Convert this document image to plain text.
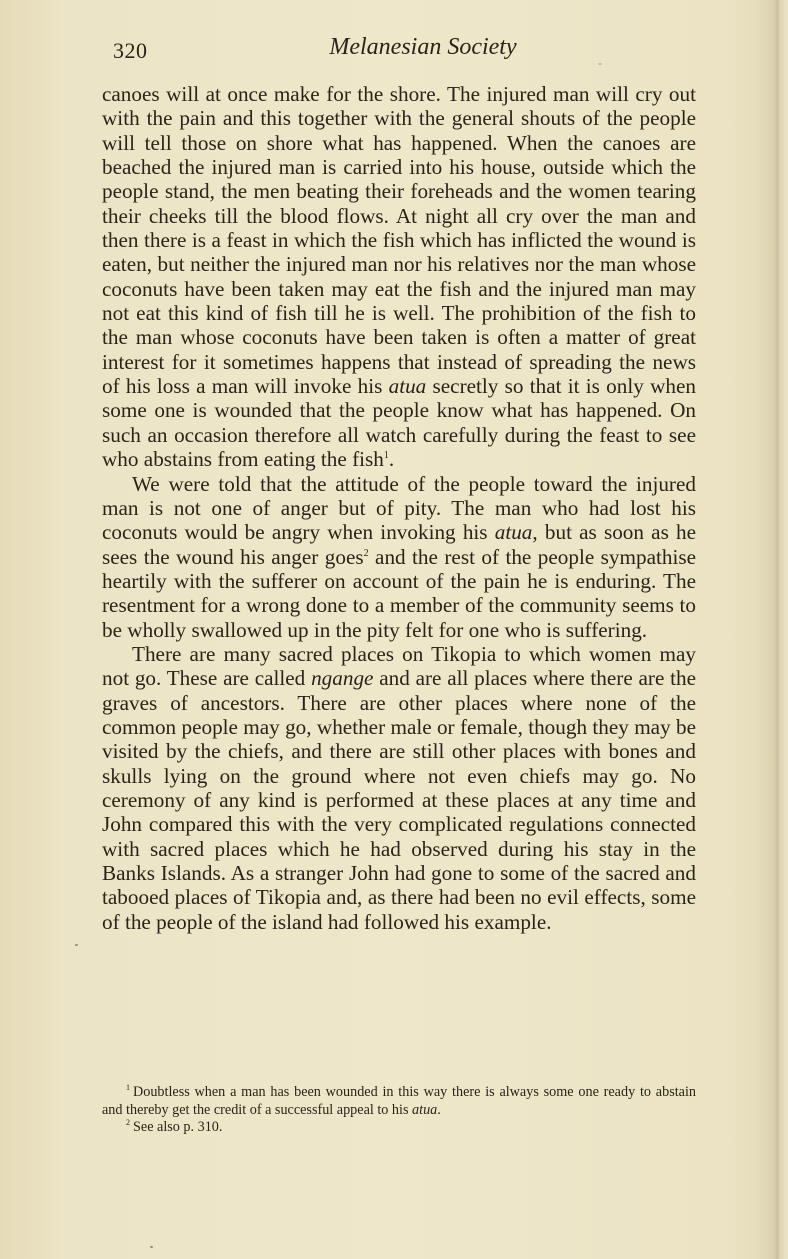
320	Melanesian Society

canoes will at once make for the shore. The injured man will cry out with the pain and this together with the general shouts of the people will tell those on shore what has happened. When the canoes are beached the injured man is carried into his house, outside which the people stand, the men beating their foreheads and the women tearing their cheeks till the blood flows. At night all cry over the man and then there is a feast in which the fish which has inflicted the wound is eaten, but neither the injured man nor his relatives nor the man whose coconuts have been taken may eat the fish and the injured man may not eat this kind of fish till he is well. The prohibition of the fish to the man whose coconuts have been taken is often a matter of great interest for it sometimes happens that instead of spreading the news of his loss a man will invoke his atua secretly so that it is only when some one is wounded that the people know what has happened. On such an occasion therefore all watch carefully during the feast to see who abstains from eating the fish$^1$.

We were told that the attitude of the people toward the injured man is not one of anger but of pity. The man who had lost his coconuts would be angry when invoking his atua, but as soon as he sees the wound his anger goes$^2$ and the rest of the people sympathise heartily with the sufferer on account of the pain he is enduring. The resentment for a wrong done to a member of the community seems to be wholly swallowed up in the pity felt for one who is suffering.

There are many sacred places on Tikopia to which women may not go. These are called ngange and are all places where there are the graves of ancestors. There are other places where none of the common people may go, whether male or female, though they may be visited by the chiefs, and there are still other places with bones and skulls lying on the ground where not even chiefs may go. No ceremony of any kind is performed at these places at any time and John compared this with the very complicated regulations connected with sacred places which he had observed during his stay in the Banks Islands. As a stranger John had gone to some of the sacred and tabooed places of Tikopia and, as there had been no evil effects, some of the people of the island had followed his example.

$^1$ Doubtless when a man has been wounded in this way there is always some one ready to abstain and thereby get the credit of a successful appeal to his atua.

$^2$ See also p. 310.
